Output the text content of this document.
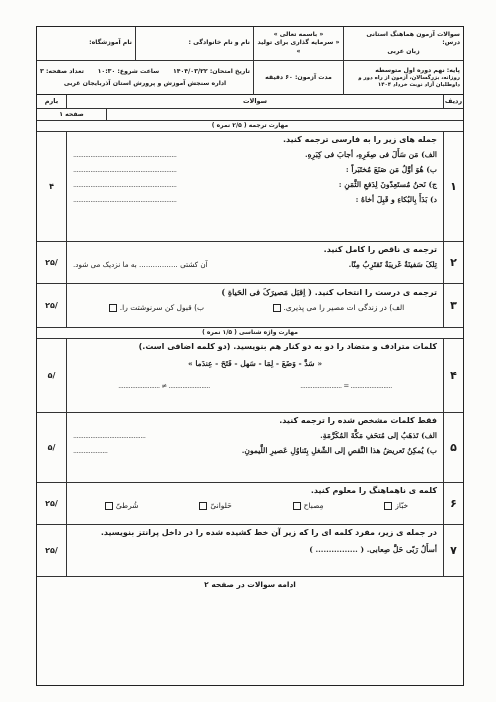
سوالات آزمون هماهنگ استانی درس:
زبان عربی
« باسمه تعالی »
« سرمایه گذاری برای تولید »
نام و نام خانوادگی :
نام آموزشگاه:
پایه: نهم دوره اول متوسطه
روزانه، بزرگسالان، آزمون از راه دور و داوطلبان آزاد نوبت خرداد ۱۴۰۴
مدت آزمون: ۶۰ دقیقه
تاریخ امتحان: ۱۴۰۴/۰۳/۲۲
ساعت شروع: ۱۰:۳۰
تعداد صفحه: ۳
اداره سنجش آموزش و پرورش استان آذربایجان غربی
ردیف
سوالات
بارم
صفحه ۱
مهارت ترجمه ( ۲/۵ نمره )
۱
جمله های زیر را به فارسی ترجمه کنید.
الف) مَن سَأَلَ فی صِغَرِهِ، أجابَ فی کِبَرِهِ.
............................................................
ب) هُوَ أوَّلُ مَن صَنَعَ مُختَبَراً :
............................................................
ج) نَحنُ مُستَعِدّونَ لِدَفعِ الثَّمَنِ :
............................................................
د) بَدَأَ بِالبُکاءِ و قَبِلَ أخاهُ :
............................................................
۴
۲
ترجمه ی ناقص را کامل کنید.
تِلکَ سَفینَةٌ غَریبَةٌ تَقتَرِبُ مِنّا.
آن کشتی ................. به ما نزدیک می شود.
/۲۵
۳
ترجمه ی درست را انتخاب کنید. ( اِقبَل مَصیرَکَ فی الحَیاةِ )
الف) در زندگی ات مصیر را می پذیری.
ب) قبول کن سرنوشتت را.
/۲۵
مهارت واژه شناسی ( ۱/۵ نمره )
۴
کلمات مترادف و متضاد را دو به دو کنار هم بنویسید. (دو کلمه اضافی است.)
« سَدَّ - وَضَعَ - لِمَا - سَهل - فَتَحَ - عِندَما »
........................ = ........................
........................ ≠ ........................
/۵
۵
فقط کلمات مشخص شده را ترجمه کنید.
الف) تَذهَبُ إلی مُتحَفِ مَکَّةَ المُکَرَّمَةِ.
..........................................
ب) یُمکِنُ تَعریضُ هذا النَّقصِ إلی الشّغلِ بِتَناوُلِ عَصیرِ اللَّیمونِ.
....................
/۵
۶
کلمه ی ناهماهنگ را معلوم کنید.
خبّاز
مِصباح
حَلوانیّ
شُرطیّ
/۲۵
۷
در جمله ی زیر، مفرد کلمه ای را که زیر آن خط کشیده شده را در داخل پرانتز بنویسید.
أسأَلُ رَبّی حَلَّ صِعابی. ( ................ )
/۲۵
ادامه سوالات در صفحه ۲
